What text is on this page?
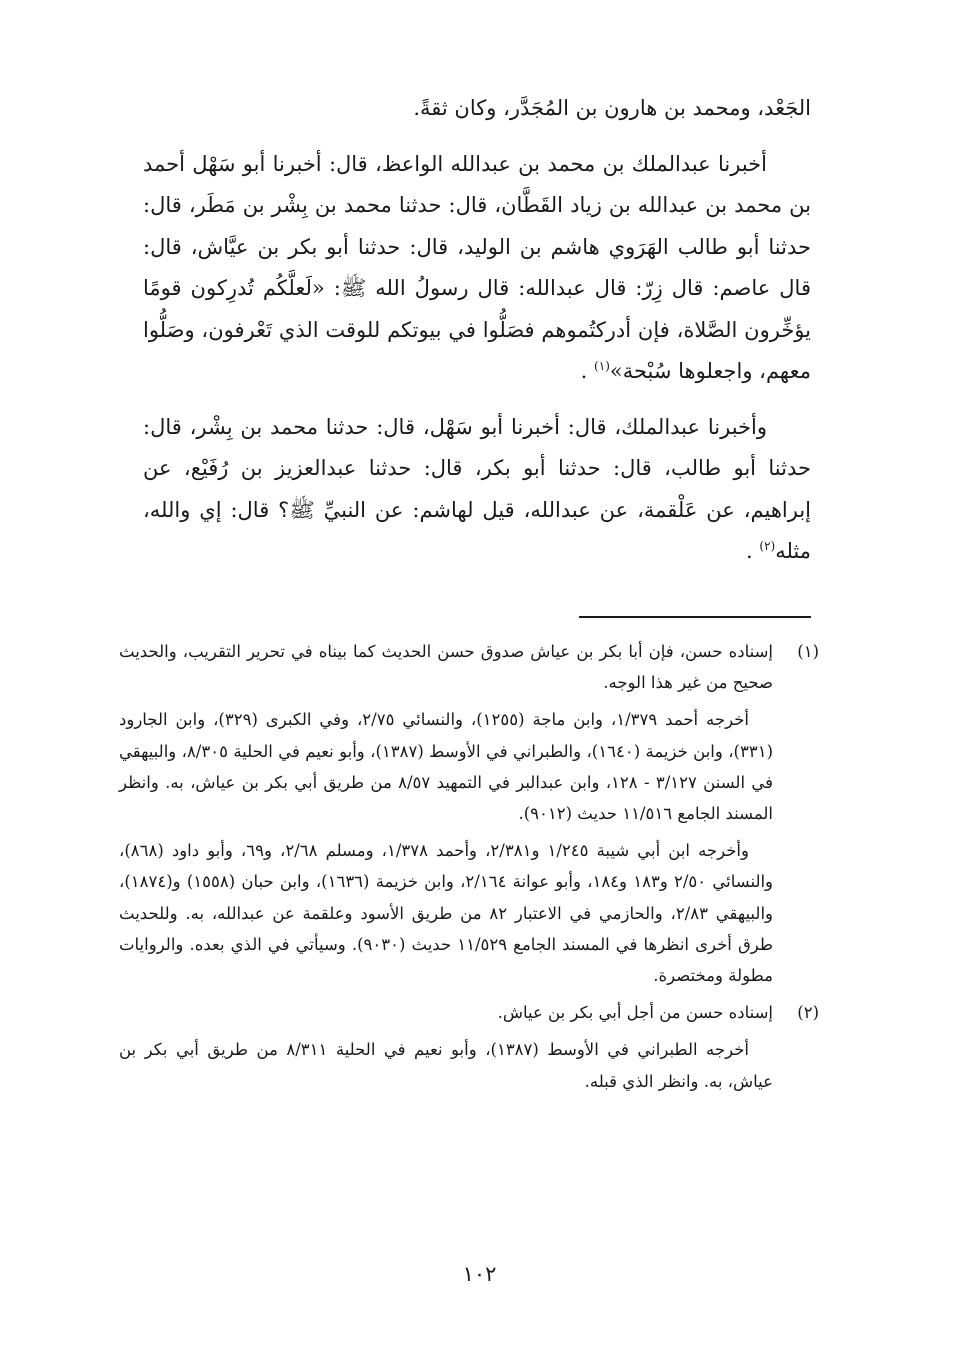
الجَعْد، ومحمد بن هارون بن المُجَدَّر، وكان ثقةً.

أخبرنا عبدالملك بن محمد بن عبدالله الواعظ، قال: أخبرنا أبو سَهْل أحمد بن محمد بن عبدالله بن زياد القَطَّان، قال: حدثنا محمد بن بِشْر بن مَطَر، قال: حدثنا أبو طالب الهَرَوي هاشم بن الوليد، قال: حدثنا أبو بكر بن عيَّاش، قال: قال عاصم: قال زِرّ: قال عبدالله: قال رسولُ الله ﷺ: «لَعلَّكُم تُدرِكون قومًا يؤخِّرون الصَّلاة، فإن أدركتُموهم فصَلُّوا في بيوتكم للوقت الذي تَعْرفون، وصَلُّوا معهم، واجعلوها سُبْحة»$^{(١)}$ .

وأخبرنا عبدالملك، قال: أخبرنا أبو سَهْل، قال: حدثنا محمد بن بِشْر، قال: حدثنا أبو طالب، قال: حدثنا أبو بكر، قال: حدثنا عبدالعزيز بن رُفَيْع، عن إبراهيم، عن عَلْقمة، عن عبدالله، قيل لهاشم: عن النبيِّ ﷺ؟ قال: إي والله، مثله$^{(٢)}$ .

(١)

إسناده حسن، فإن أبا بكر بن عياش صدوق حسن الحديث كما بيناه في تحرير التقريب، والحديث صحيح من غير هذا الوجه.

أخرجه أحمد ١/٣٧٩، وابن ماجة (١٢٥٥)، والنسائي ٢/٧٥، وفي الكبرى (٣٢٩)، وابن الجارود (٣٣١)، وابن خزيمة (١٦٤٠)، والطبراني في الأوسط (١٣٨٧)، وأبو نعيم في الحلية ٨/٣٠٥، والبيهقي في السنن ٣/١٢٧ - ١٢٨، وابن عبدالبر في التمهيد ٨/٥٧ من طريق أبي بكر بن عياش، به. وانظر المسند الجامع ١١/٥١٦ حديث (٩٠١٢).

وأخرجه ابن أبي شيبة ١/٢٤٥ و٢/٣٨١، وأحمد ١/٣٧٨، ومسلم ٢/٦٨، و٦٩، وأبو داود (٨٦٨)، والنسائي ٢/٥٠ و١٨٣ و١٨٤، وأبو عوانة ٢/١٦٤، وابن خزيمة (١٦٣٦)، وابن حبان (١٥٥٨) و(١٨٧٤)، والبيهقي ٢/٨٣، والحازمي في الاعتبار ٨٢ من طريق الأسود وعلقمة عن عبدالله، به. وللحديث طرق أخرى انظرها في المسند الجامع ١١/٥٢٩ حديث (٩٠٣٠). وسيأتي في الذي بعده. والروايات مطولة ومختصرة.

(٢)

إسناده حسن من أجل أبي بكر بن عياش.

أخرجه الطبراني في الأوسط (١٣٨٧)، وأبو نعيم في الحلية ٨/٣١١ من طريق أبي بكر بن عياش، به. وانظر الذي قبله.

١٠٢
